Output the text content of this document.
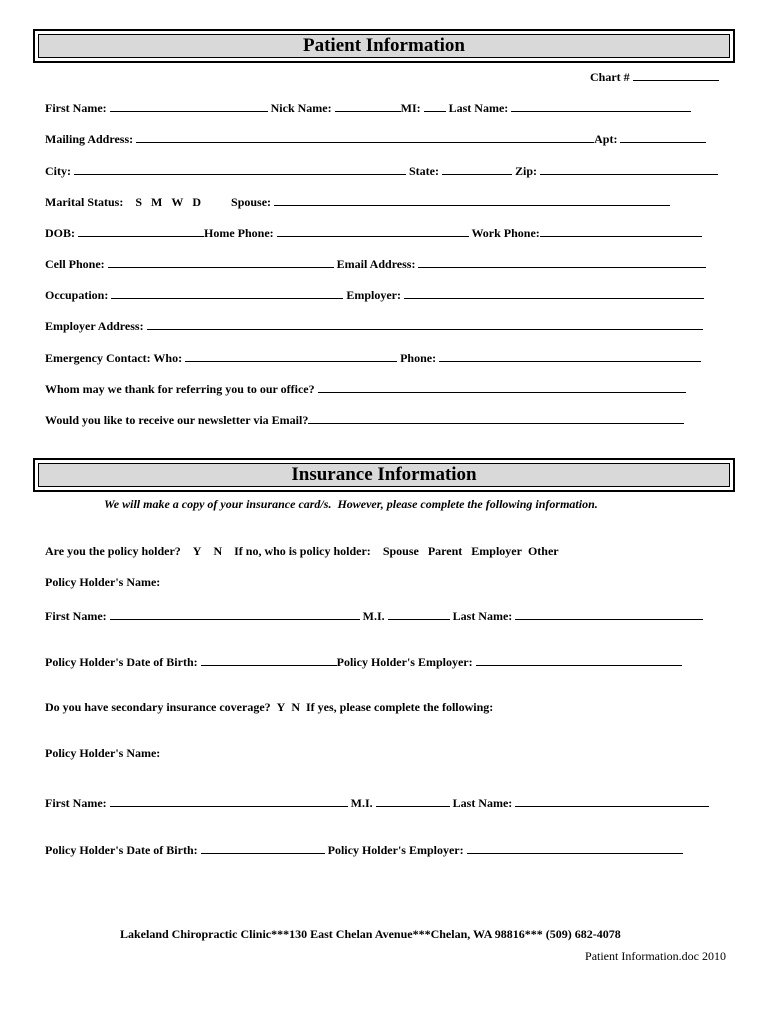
Patient Information
Chart #
First Name:	Nick Name:	MI: Last Name:
Mailing Address:	Apt:
City:	State:	Zip:
Marital Status: S M W D	Spouse:
DOB:	Home Phone:	Work Phone:
Cell Phone:	Email Address:
Occupation:	Employer:
Employer Address:
Emergency Contact: Who:	Phone:
Whom may we thank for referring you to our office?
Would you like to receive our newsletter via Email?
Insurance Information
We will make a copy of your insurance card/s.  However, please complete the following information.
Are you the policy holder? Y N If no, who is policy holder: Spouse Parent Employer Other
Policy Holder's Name:
First Name:	M.I.	Last Name:
Policy Holder's Date of Birth:	Policy Holder's Employer:
Do you have secondary insurance coverage? Y N If yes, please complete the following:
Policy Holder's Name:
First Name:	M.I.	Last Name:
Policy Holder's Date of Birth:	Policy Holder's Employer:
Lakeland Chiropractic Clinic***130 East Chelan Avenue***Chelan, WA 98816*** (509) 682-4078
Patient Information.doc 2010
